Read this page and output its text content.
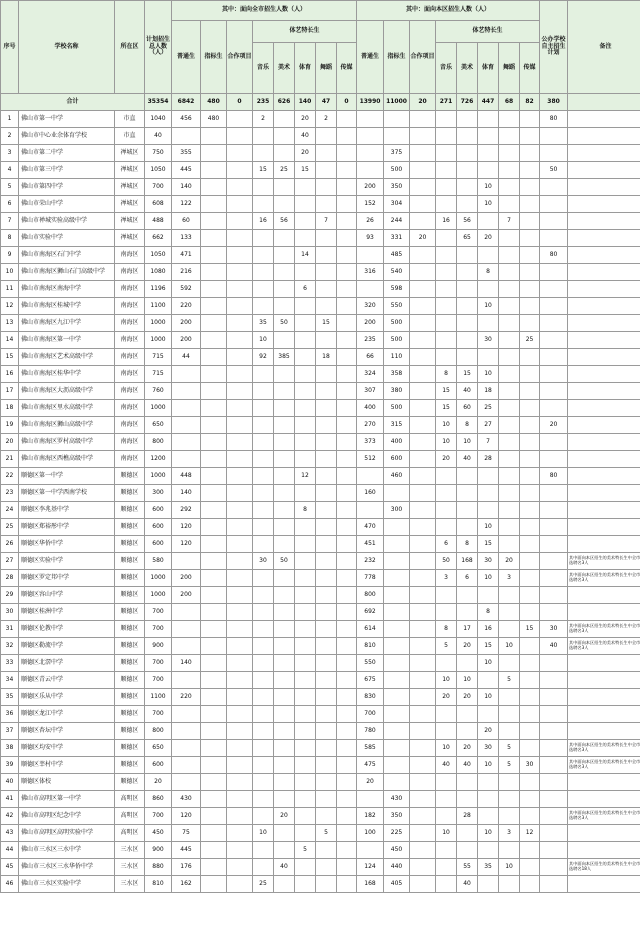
序号	学校名称	所在区	计划招生总人数（人）	其中：面向全市招生人数（人）								其中：面向本区招生人数（人）								公办学校自主招生计划	备注
				普通生	指标生	合作项目	体艺特长生					普通生	指标生	合作项目	体艺特长生						
							音乐	美术	体育	舞蹈	传媒				音乐	美术	体育	舞蹈	传媒		
合计			35354	6842	480	0	235	626	140	47	0	13990	11000	20	271	726	447	68	82	380	
1	佛山市第一中学	市直	1040	456	480		2		20	2										80	
2	佛山市中心业余体育学校	市直	40						40												
3	佛山市第二中学	禅城区	750	355					20				375								
4	佛山市第三中学	禅城区	1050	445			15	25	15				500							50	
5	佛山市第四中学	禅城区	700	140								200	350				10				
6	佛山市荣山中学	禅城区	608	122								152	304				10				
7	佛山市禅城实验高级中学	禅城区	488	60			16	56		7		26	244		16	56		7			
8	佛山市实验中学	禅城区	662	133								93	331	20		65	20				
9	佛山市南海区石门中学	南海区	1050	471					14				485							80	
10	佛山市南海区狮山石门高级中学	南海区	1080	216								316	540				8				
11	佛山市南海区南海中学	南海区	1196	592					6				598								
12	佛山市南海区桂城中学	南海区	1100	220								320	550				10				
13	佛山市南海区九江中学	南海区	1000	200			35	50		15		200	500								
14	佛山市南海区第一中学	南海区	1000	200			10					235	500				30		25		
15	佛山市南海区艺术高级中学	南海区	715	44			92	385		18		66	110								
16	佛山市南海区桂华中学	南海区	715									324	358		8	15	10				
17	佛山市南海区大沥高级中学	南海区	760									307	380		15	40	18				
18	佛山市南海区里水高级中学	南海区	1000									400	500		15	60	25				
19	佛山市南海区狮山高级中学	南海区	650									270	315		10	8	27			20	
20	佛山市南海区罗村高级中学	南海区	800									373	400		10	10	7				
21	佛山市南海区西樵高级中学	南海区	1200									512	600		20	40	28				
22	顺德区第一中学	顺德区	1000	448					12				460							80	
23	顺德区第一中学西南学校	顺德区	300	140								160									
24	顺德区李兆基中学	顺德区	600	292					8				300								
25	顺德区郑裕彤中学	顺德区	600	120								470					10				
26	顺德区华侨中学	顺德区	600	120								451			6	8	15				
27	顺德区实验中学	顺德区	580				30	50				232			50	168	30	20			其中面向本区招生的美术特长生中全市选聘名3人
28	顺德区罗定邦中学	顺德区	1000	200								778			3	6	10	3			其中面向本区招生的美术特长生中全市选聘名3人
29	顺德区容山中学	顺德区	1000	200								800									
30	顺德区桂洲中学	顺德区	700									692					8				
31	顺德区伦教中学	顺德区	700									614			8	17	16		15	30	其中面向本区招生的美术特长生中全市选聘名3人
32	顺德区勒流中学	顺德区	900									810			5	20	15	10		40	其中面向本区招生的美术特长生中全市选聘名3人
33	顺德区北滘中学	顺德区	700	140								550					10				
34	顺德区青云中学	顺德区	700									675			10	10		5			
35	顺德区乐从中学	顺德区	1100	220								830			20	20	10				
36	顺德区龙江中学	顺德区	700									700									
37	顺德区杏坛中学	顺德区	800									780					20				
38	顺德区均安中学	顺德区	650									585			10	20	30	5			其中面向本区招生的美术特长生中全市选聘名3人
39	顺德区莘村中学	顺德区	600									475			40	40	10	5	30		其中面向本区招生的美术特长生中全市选聘名3人
40	顺德区体校	顺德区	20									20									
41	佛山市高明区第一中学	高明区	860	430									430								
42	佛山市高明区纪念中学	高明区	700	120				20				182	350			28					其中面向本区招生的美术特长生中全市选聘名3人
43	佛山市高明区高明实验中学	高明区	450	75			10			5		100	225		10		10	3	12		
44	佛山市三水区三水中学	三水区	900	445					5				450								
45	佛山市三水区三水华侨中学	三水区	880	176				40				124	440			55	35	10			其中面向本区招生的美术特长生中全市选聘名18人
46	佛山市三水区实验中学	三水区	810	162			25					168	405			40					
